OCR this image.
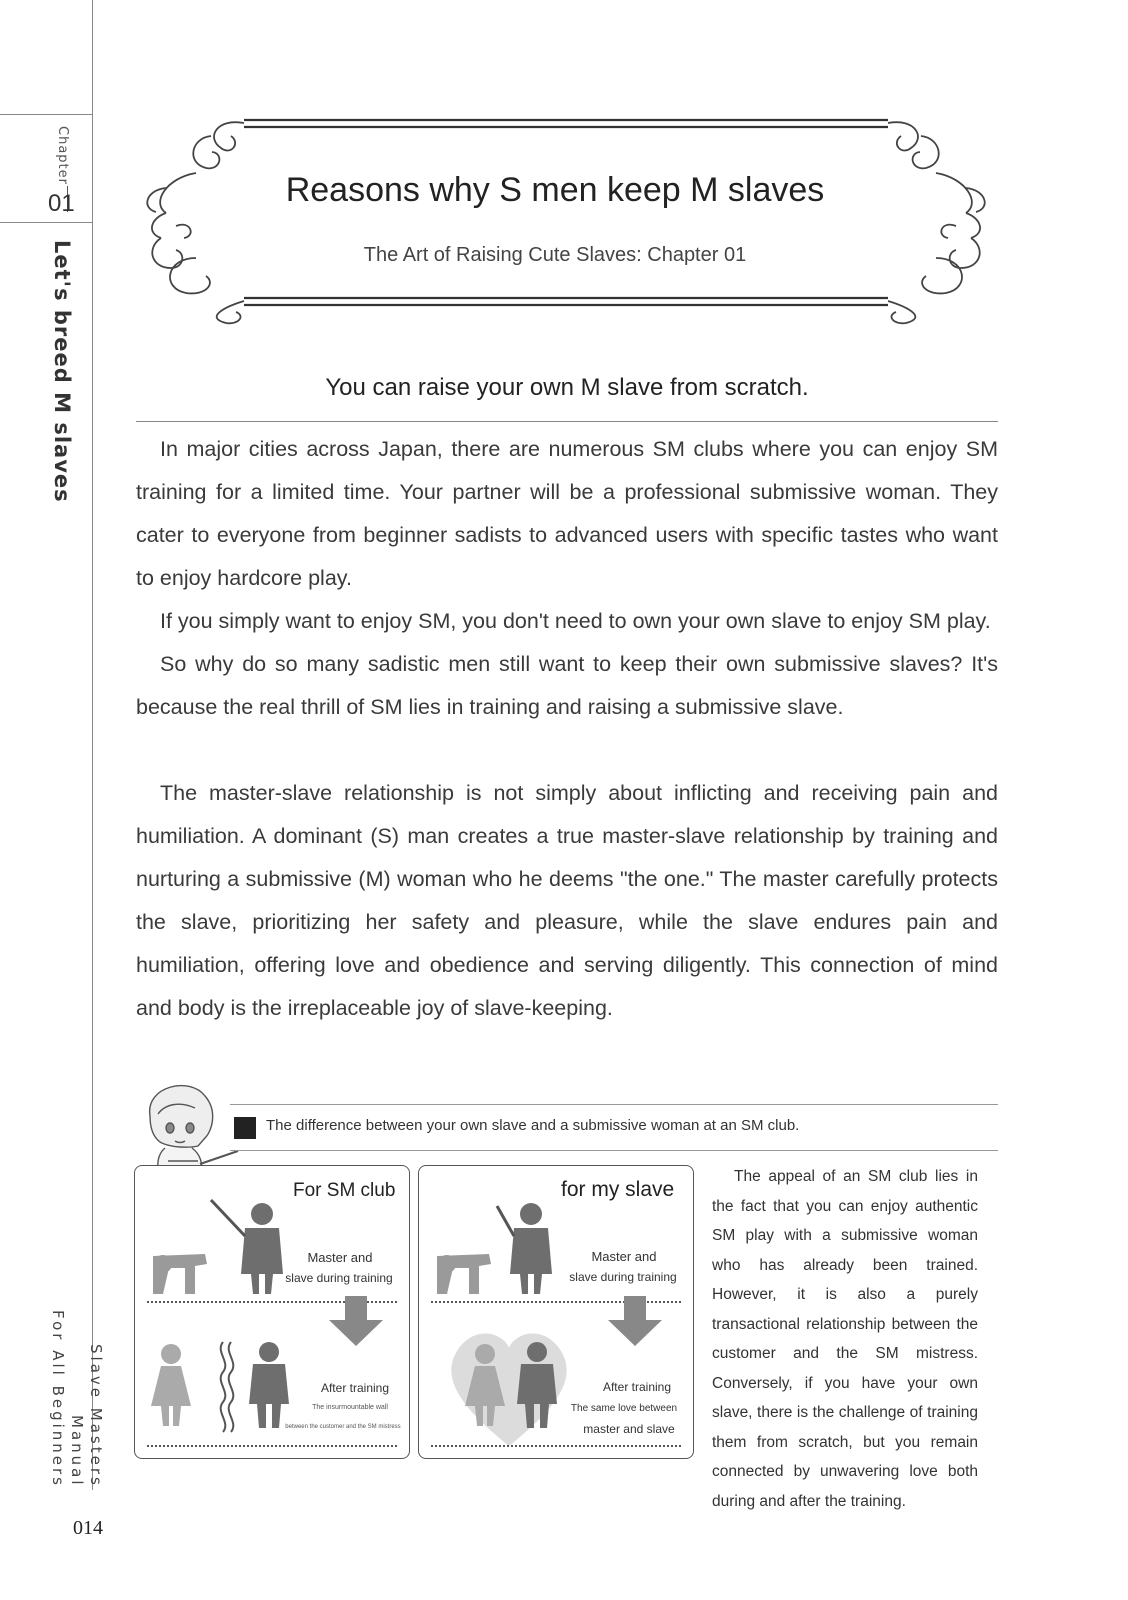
Chapter
01
Let's breed M slaves
Slave Masters Manual
For All Beginners
014
Reasons why S men keep M slaves
The Art of Raising Cute Slaves: Chapter 01
You can raise your own M slave from scratch.

In major cities across Japan, there are numerous SM clubs where you can enjoy SM training for a limited time. Your partner will be a professional submissive woman. They cater to everyone from beginner sadists to advanced users with specific tastes who want to enjoy hardcore play.

If you simply want to enjoy SM, you don't need to own your own slave to enjoy SM play.

So why do so many sadistic men still want to keep their own submissive slaves? It's because the real thrill of SM lies in training and raising a submissive slave.

The master-slave relationship is not simply about inflicting and receiving pain and humiliation. A dominant (S) man creates a true master-slave relationship by training and nurturing a submissive (M) woman who he deems "the one." The master carefully protects the slave, prioritizing her safety and pleasure, while the slave endures pain and humiliation, offering love and obedience and serving diligently. This connection of mind and body is the irreplaceable joy of slave-keeping.

The difference between your own slave and a submissive woman at an SM club.
For SM club
Master and
slave during training
After training
The insurmountable wall
between the customer and the SM mistress
for my slave
Master and
slave during training
After training
The same love between
master and slave

The appeal of an SM club lies in the fact that you can enjoy authentic SM play with a submissive woman who has already been trained. However, it is also a purely transactional relationship between the customer and the SM mistress. Conversely, if you have your own slave, there is the challenge of training them from scratch, but you remain connected by unwavering love both during and after the training.
